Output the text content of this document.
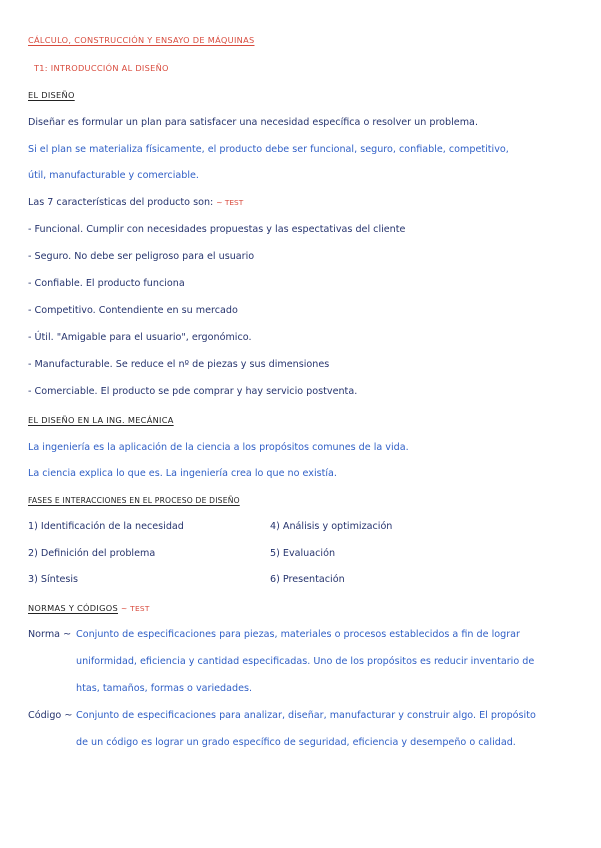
CÁLCULO, CONSTRUCCIÓN Y ENSAYO DE MÁQUINAS
T1: INTRODUCCIÓN AL DISEÑO
EL DISEÑO
Diseñar es formular un plan para satisfacer una necesidad específica o resolver un problema.
Si el plan se materializa físicamente, el producto debe ser funcional, seguro, confiable, competitivo,
útil, manufacturable y comerciable.
Las 7 características del producto son: ~ TEST
- Funcional. Cumplir con necesidades propuestas y las espectativas del cliente
- Seguro. No debe ser peligroso para el usuario
- Confiable. El producto funciona
- Competitivo. Contendiente en su mercado
- Útil. "Amigable para el usuario", ergonómico.
- Manufacturable. Se reduce el nº de piezas y sus dimensiones
- Comerciable. El producto se pde comprar y hay servicio postventa.
EL DISEÑO EN LA ING. MECÁNICA
La ingeniería es la aplicación de la ciencia a los propósitos comunes de la vida.
La ciencia explica lo que es. La ingeniería crea lo que no existía.
FASES E INTERACCIONES EN EL PROCESO DE DISEÑO
1) Identificación de la necesidad
2) Definición del problema
3) Síntesis
4) Análisis y optimización
5) Evaluación
6) Presentación
NORMAS Y CÓDIGOS ~ TEST
Norma ~ Conjunto de especificaciones para piezas, materiales o procesos establecidos a fin de lograr
uniformidad, eficiencia y cantidad especificadas. Uno de los propósitos es reducir inventario de
htas, tamaños, formas o variedades.
Código ~ Conjunto de especificaciones para analizar, diseñar, manufacturar y construir algo. El propósito
de un código es lograr un grado específico de seguridad, eficiencia y desempeño o calidad.
